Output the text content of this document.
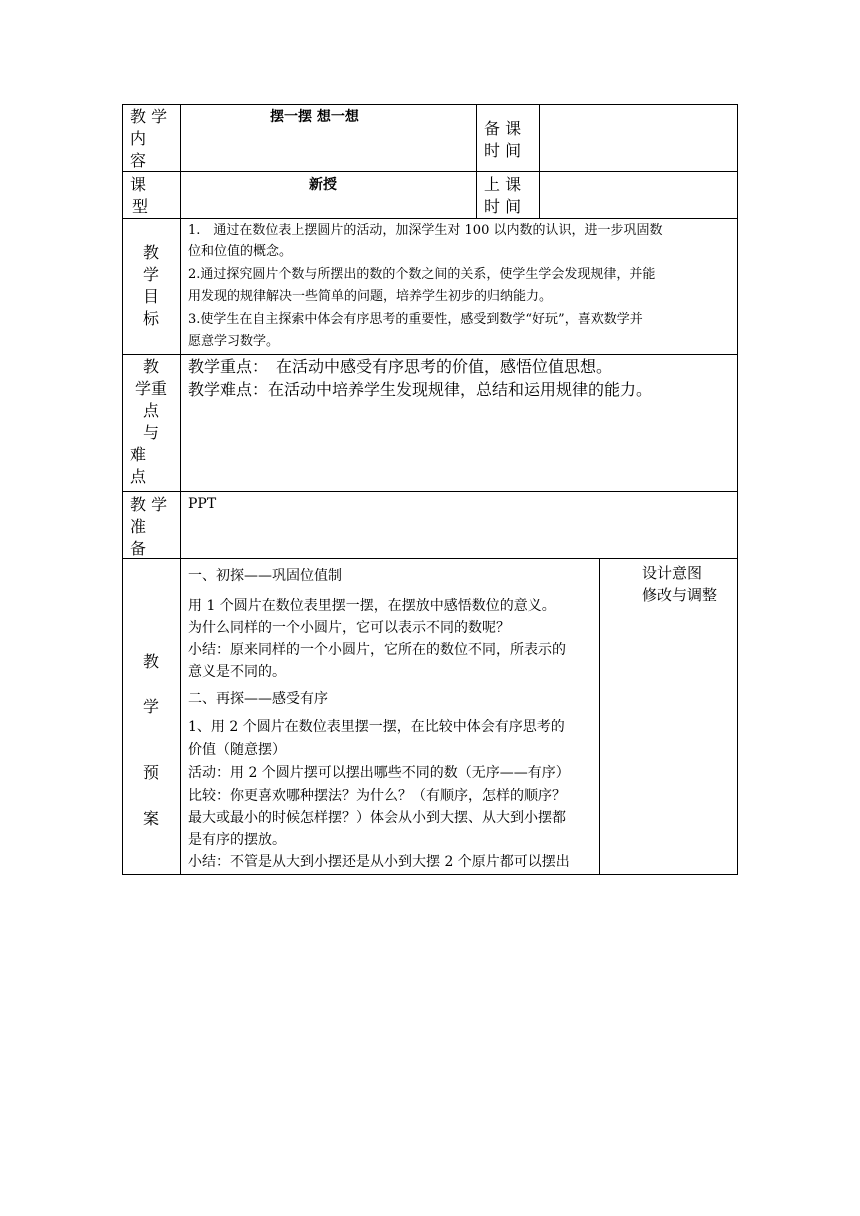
教 学
内
容
摆一摆 想一想
备 课
时 间
课
型
新授	上 课
时 间
教
学
目
标
1.　通过在数位表上摆圆片的活动，加深学生对 100 以内数的认识，进一步巩固数
位和位值的概念。
2.通过探究圆片个数与所摆出的数的个数之间的关系，使学生学会发现规律，并能
用发现的规律解决一些简单的问题，培养学生初步的归纳能力。
3.使学生在自主探索中体会有序思考的重要性，感受到数学“好玩”，喜欢数学并
愿意学习数学。
教
学重
点
与
难
点
教学重点：　在活动中感受有序思考的价值，感悟位值思想。
教学难点：在活动中培养学生发现规律，总结和运用规律的能力。
教 学
准
备
PPT
教
学
预
案
设计意图
修改与调整
一、初探——巩固位值制
用 1 个圆片在数位表里摆一摆，在摆放中感悟数位的意义。
为什么同样的一个小圆片，它可以表示不同的数呢？
小结：原来同样的一个小圆片，它所在的数位不同，所表示的
意义是不同的。
二、再探——感受有序
1、用 2 个圆片在数位表里摆一摆，在比较中体会有序思考的
价值（随意摆）
活动：用 2 个圆片摆可以摆出哪些不同的数（无序——有序）
比较：你更喜欢哪种摆法？为什么？（有顺序，怎样的顺序？
最大或最小的时候怎样摆？）体会从小到大摆、从大到小摆都
是有序的摆放。
小结：不管是从大到小摆还是从小到大摆 2 个原片都可以摆出
